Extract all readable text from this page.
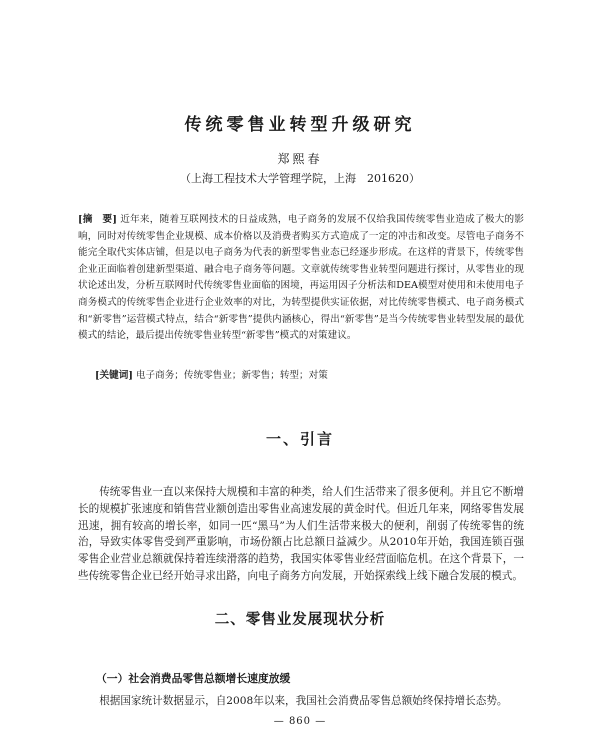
传统零售业转型升级研究
郑熙春
（上海工程技术大学管理学院，上海　201620）
[摘　要] 近年来，随着互联网技术的日益成熟，电子商务的发展不仅给我国传统零售业造成了极大的影响，同时对传统零售企业规模、成本价格以及消费者购买方式造成了一定的冲击和改变。尽管电子商务不能完全取代实体店铺，但是以电子商务为代表的新型零售业态已经逐步形成。在这样的背景下，传统零售企业正面临着创建新型渠道、融合电子商务等问题。文章就传统零售业转型问题进行探讨，从零售业的现状论述出发，分析互联网时代传统零售业面临的困境，再运用因子分析法和DEA模型对使用和未使用电子商务模式的传统零售企业进行企业效率的对比，为转型提供实证依据，对比传统零售模式、电子商务模式和“新零售”运营模式特点，结合“新零售”提供内涵核心，得出“新零售”是当今传统零售业转型发展的最优模式的结论，最后提出传统零售业转型“新零售”模式的对策建议。
[关键词] 电子商务；传统零售业；新零售；转型；对策
一、引言

传统零售业一直以来保持大规模和丰富的种类，给人们生活带来了很多便利。并且它不断增长的规模扩张速度和销售营业额创造出零售业高速发展的黄金时代。但近几年来，网络零售发展迅速，拥有较高的增长率，如同一匹“黑马”为人们生活带来极大的便利，削弱了传统零售的统治，导致实体零售受到严重影响，市场份额占比总额日益减少。从2010年开始，我国连锁百强零售企业营业总额就保持着连续滑落的趋势，我国实体零售业经营面临危机。在这个背景下，一些传统零售企业已经开始寻求出路，向电子商务方向发展，开始探索线上线下融合发展的模式。

二、零售业发展现状分析
（一）社会消费品零售总额增长速度放缓
根据国家统计数据显示，自2008年以来，我国社会消费品零售总额始终保持增长态势。
— 860 —
